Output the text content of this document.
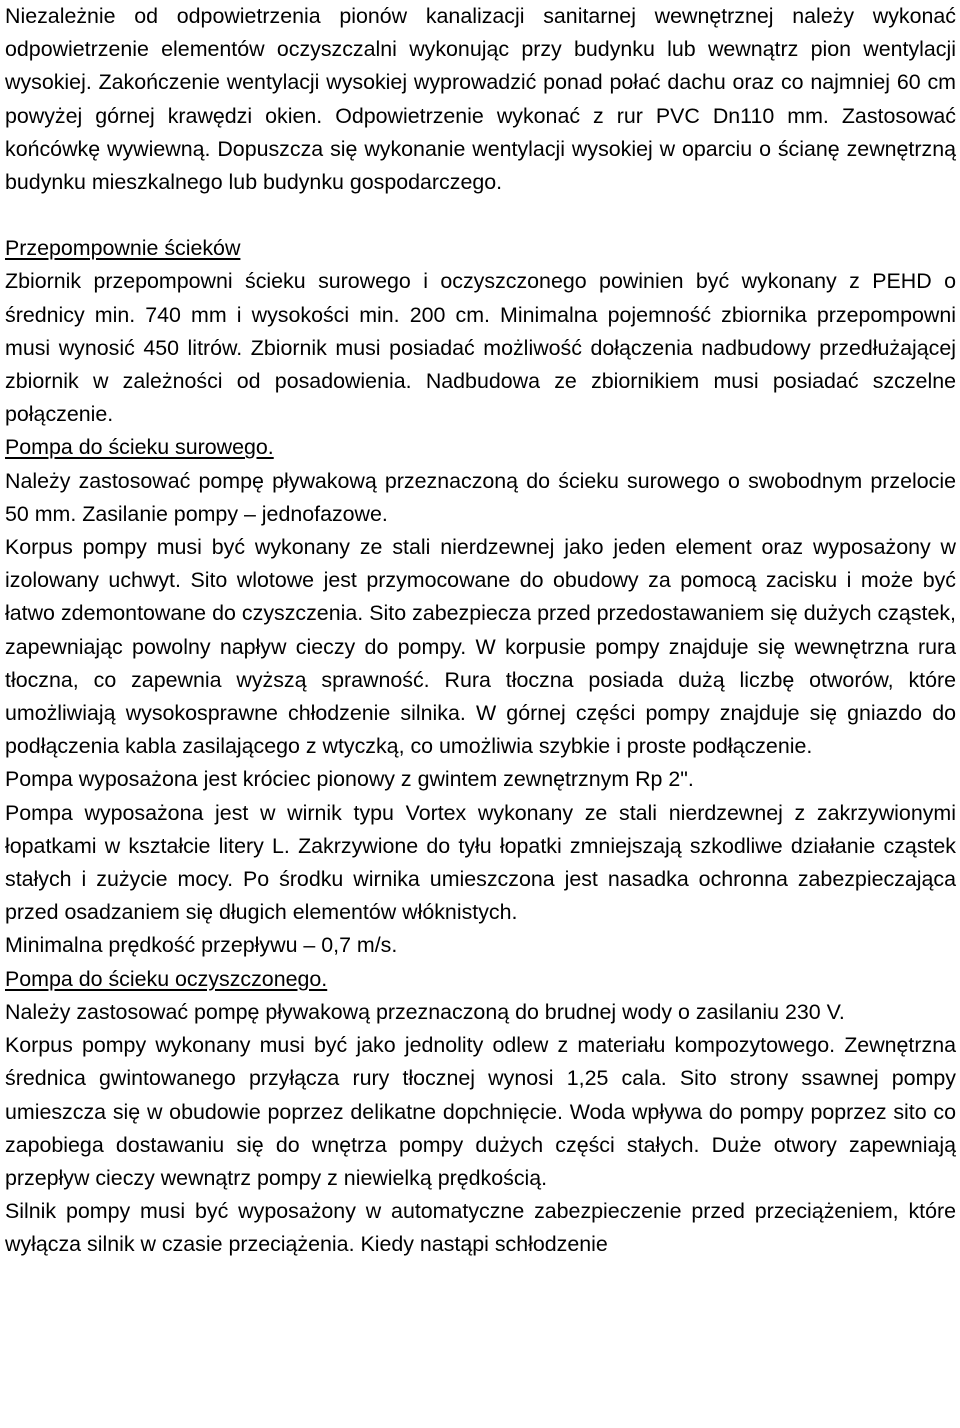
Niezależnie od odpowietrzenia pionów kanalizacji sanitarnej wewnętrznej należy wykonać odpowietrzenie elementów oczyszczalni wykonując przy budynku lub wewnątrz pion wentylacji wysokiej. Zakończenie wentylacji wysokiej wyprowadzić ponad połać dachu oraz co najmniej 60 cm powyżej górnej krawędzi okien. Odpowietrzenie wykonać z rur PVC Dn110 mm. Zastosować końcówkę wywiewną. Dopuszcza się wykonanie wentylacji wysokiej w oparciu o ścianę zewnętrzną budynku mieszkalnego lub budynku gospodarczego.

Przepompownie ścieków

Zbiornik przepompowni ścieku surowego i oczyszczonego powinien być wykonany z PEHD o średnicy min. 740 mm i wysokości min. 200 cm. Minimalna pojemność zbiornika przepompowni musi wynosić 450 litrów. Zbiornik musi posiadać możliwość dołączenia nadbudowy przedłużającej zbiornik w zależności od posadowienia. Nadbudowa ze zbiornikiem musi posiadać szczelne połączenie.

Pompa do ścieku surowego.

Należy zastosować pompę pływakową przeznaczoną do ścieku surowego o swobodnym przelocie 50 mm. Zasilanie pompy – jednofazowe.

Korpus pompy musi być wykonany ze stali nierdzewnej jako jeden element oraz wyposażony w izolowany uchwyt. Sito wlotowe jest przymocowane do obudowy za pomocą zacisku i może być łatwo zdemontowane do czyszczenia. Sito zabezpiecza przed przedostawaniem się dużych cząstek, zapewniając powolny napływ cieczy do pompy. W korpusie pompy znajduje się wewnętrzna rura tłoczna, co zapewnia wyższą sprawność. Rura tłoczna posiada dużą liczbę otworów, które umożliwiają wysokosprawne chłodzenie silnika. W górnej części pompy znajduje się gniazdo do podłączenia kabla zasilającego z wtyczką, co umożliwia szybkie i proste podłączenie.

Pompa wyposażona jest króciec pionowy z gwintem zewnętrznym Rp 2".

Pompa wyposażona jest w wirnik typu Vortex wykonany ze stali nierdzewnej z zakrzywionymi łopatkami w kształcie litery L. Zakrzywione do tyłu łopatki zmniejszają szkodliwe działanie cząstek stałych i zużycie mocy. Po środku wirnika umieszczona jest nasadka ochronna zabezpieczająca przed osadzaniem się długich elementów włóknistych.

Minimalna prędkość przepływu – 0,7 m/s.

Pompa do ścieku oczyszczonego.

Należy zastosować pompę pływakową przeznaczoną do brudnej wody o zasilaniu 230 V.

Korpus pompy wykonany musi być jako jednolity odlew z materiału kompozytowego. Zewnętrzna średnica gwintowanego przyłącza rury tłocznej wynosi 1,25 cala. Sito strony ssawnej pompy umieszcza się w obudowie poprzez delikatne dopchnięcie. Woda wpływa do pompy poprzez sito co zapobiega dostawaniu się do wnętrza pompy dużych części stałych. Duże otwory zapewniają przepływ cieczy wewnątrz pompy z niewielką prędkością.

Silnik pompy musi być wyposażony w automatyczne zabezpieczenie przed przeciążeniem, które wyłącza silnik w czasie przeciążenia. Kiedy nastąpi schłodzenie
